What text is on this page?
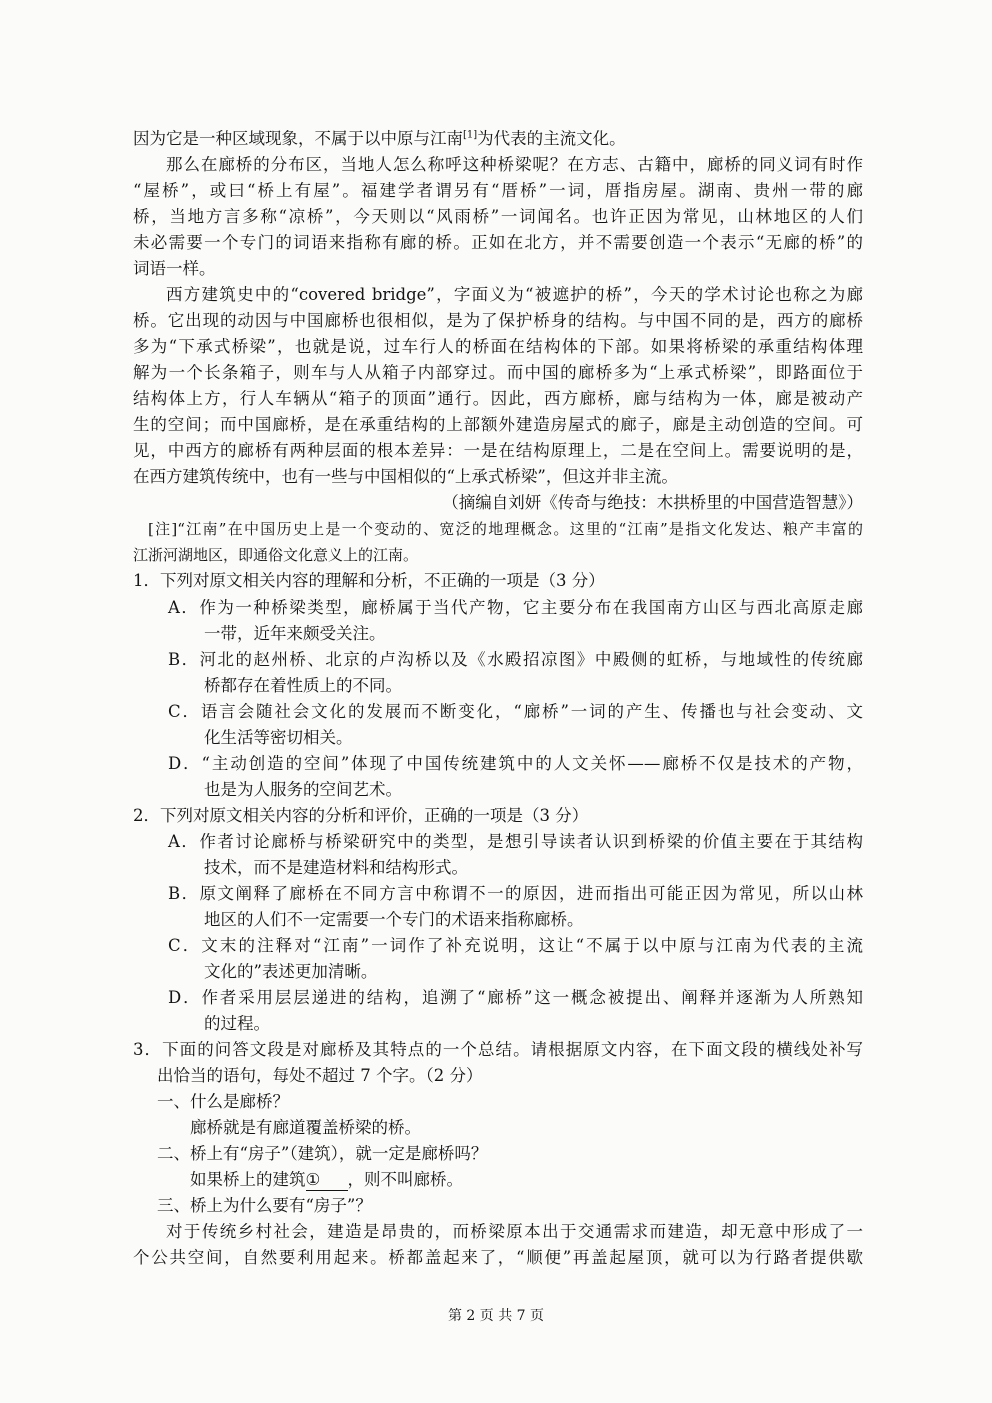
因为它是一种区域现象，不属于以中原与江南[1]为代表的主流文化。
那么在廊桥的分布区，当地人怎么称呼这种桥梁呢？在方志、古籍中，廊桥的同义词有时作
“屋桥”，或曰“桥上有屋”。福建学者谓另有“厝桥”一词，厝指房屋。湖南、贵州一带的廊
桥，当地方言多称“凉桥”，今天则以“风雨桥”一词闻名。也许正因为常见，山林地区的人们
未必需要一个专门的词语来指称有廊的桥。正如在北方，并不需要创造一个表示“无廊的桥”的
词语一样。
西方建筑史中的“covered bridge”，字面义为“被遮护的桥”，今天的学术讨论也称之为廊
桥。它出现的动因与中国廊桥也很相似，是为了保护桥身的结构。与中国不同的是，西方的廊桥
多为“下承式桥梁”，也就是说，过车行人的桥面在结构体的下部。如果将桥梁的承重结构体理
解为一个长条箱子，则车与人从箱子内部穿过。而中国的廊桥多为“上承式桥梁”，即路面位于
结构体上方，行人车辆从“箱子的顶面”通行。因此，西方廊桥，廊与结构为一体，廊是被动产
生的空间；而中国廊桥，是在承重结构的上部额外建造房屋式的廊子，廊是主动创造的空间。可
见，中西方的廊桥有两种层面的根本差异：一是在结构原理上，二是在空间上。需要说明的是，
在西方建筑传统中，也有一些与中国相似的“上承式桥梁”，但这并非主流。
（摘编自刘妍《传奇与绝技：木拱桥里的中国营造智慧》）
[注]“江南”在中国历史上是一个变动的、宽泛的地理概念。这里的“江南”是指文化发达、粮产丰富的
江浙河湖地区，即通俗文化意义上的江南。
1．下列对原文相关内容的理解和分析，不正确的一项是（3 分）
A．作为一种桥梁类型，廊桥属于当代产物，它主要分布在我国南方山区与西北高原走廊
一带，近年来颇受关注。
B．河北的赵州桥、北京的卢沟桥以及《水殿招凉图》中殿侧的虹桥，与地域性的传统廊
桥都存在着性质上的不同。
C．语言会随社会文化的发展而不断变化，“廊桥”一词的产生、传播也与社会变动、文
化生活等密切相关。
D．“主动创造的空间”体现了中国传统建筑中的人文关怀——廊桥不仅是技术的产物，
也是为人服务的空间艺术。
2．下列对原文相关内容的分析和评价，正确的一项是（3 分）
A．作者讨论廊桥与桥梁研究中的类型，是想引导读者认识到桥梁的价值主要在于其结构
技术，而不是建造材料和结构形式。
B．原文阐释了廊桥在不同方言中称谓不一的原因，进而指出可能正因为常见，所以山林
地区的人们不一定需要一个专门的术语来指称廊桥。
C．文末的注释对“江南”一词作了补充说明，这让“不属于以中原与江南为代表的主流
文化的”表述更加清晰。
D．作者采用层层递进的结构，追溯了“廊桥”这一概念被提出、阐释并逐渐为人所熟知
的过程。
3．下面的问答文段是对廊桥及其特点的一个总结。请根据原文内容，在下面文段的横线处补写
出恰当的语句，每处不超过 7 个字。（2 分）
一、什么是廊桥？
廊桥就是有廊道覆盖桥梁的桥。
二、桥上有“房子”（建筑），就一定是廊桥吗？
如果桥上的建筑① ，则不叫廊桥。
三、桥上为什么要有“房子”？
对于传统乡村社会，建造是昂贵的，而桥梁原本出于交通需求而建造，却无意中形成了一
个公共空间，自然要利用起来。桥都盖起来了，“顺便”再盖起屋顶，就可以为行路者提供歇
第 2 页 共 7 页
